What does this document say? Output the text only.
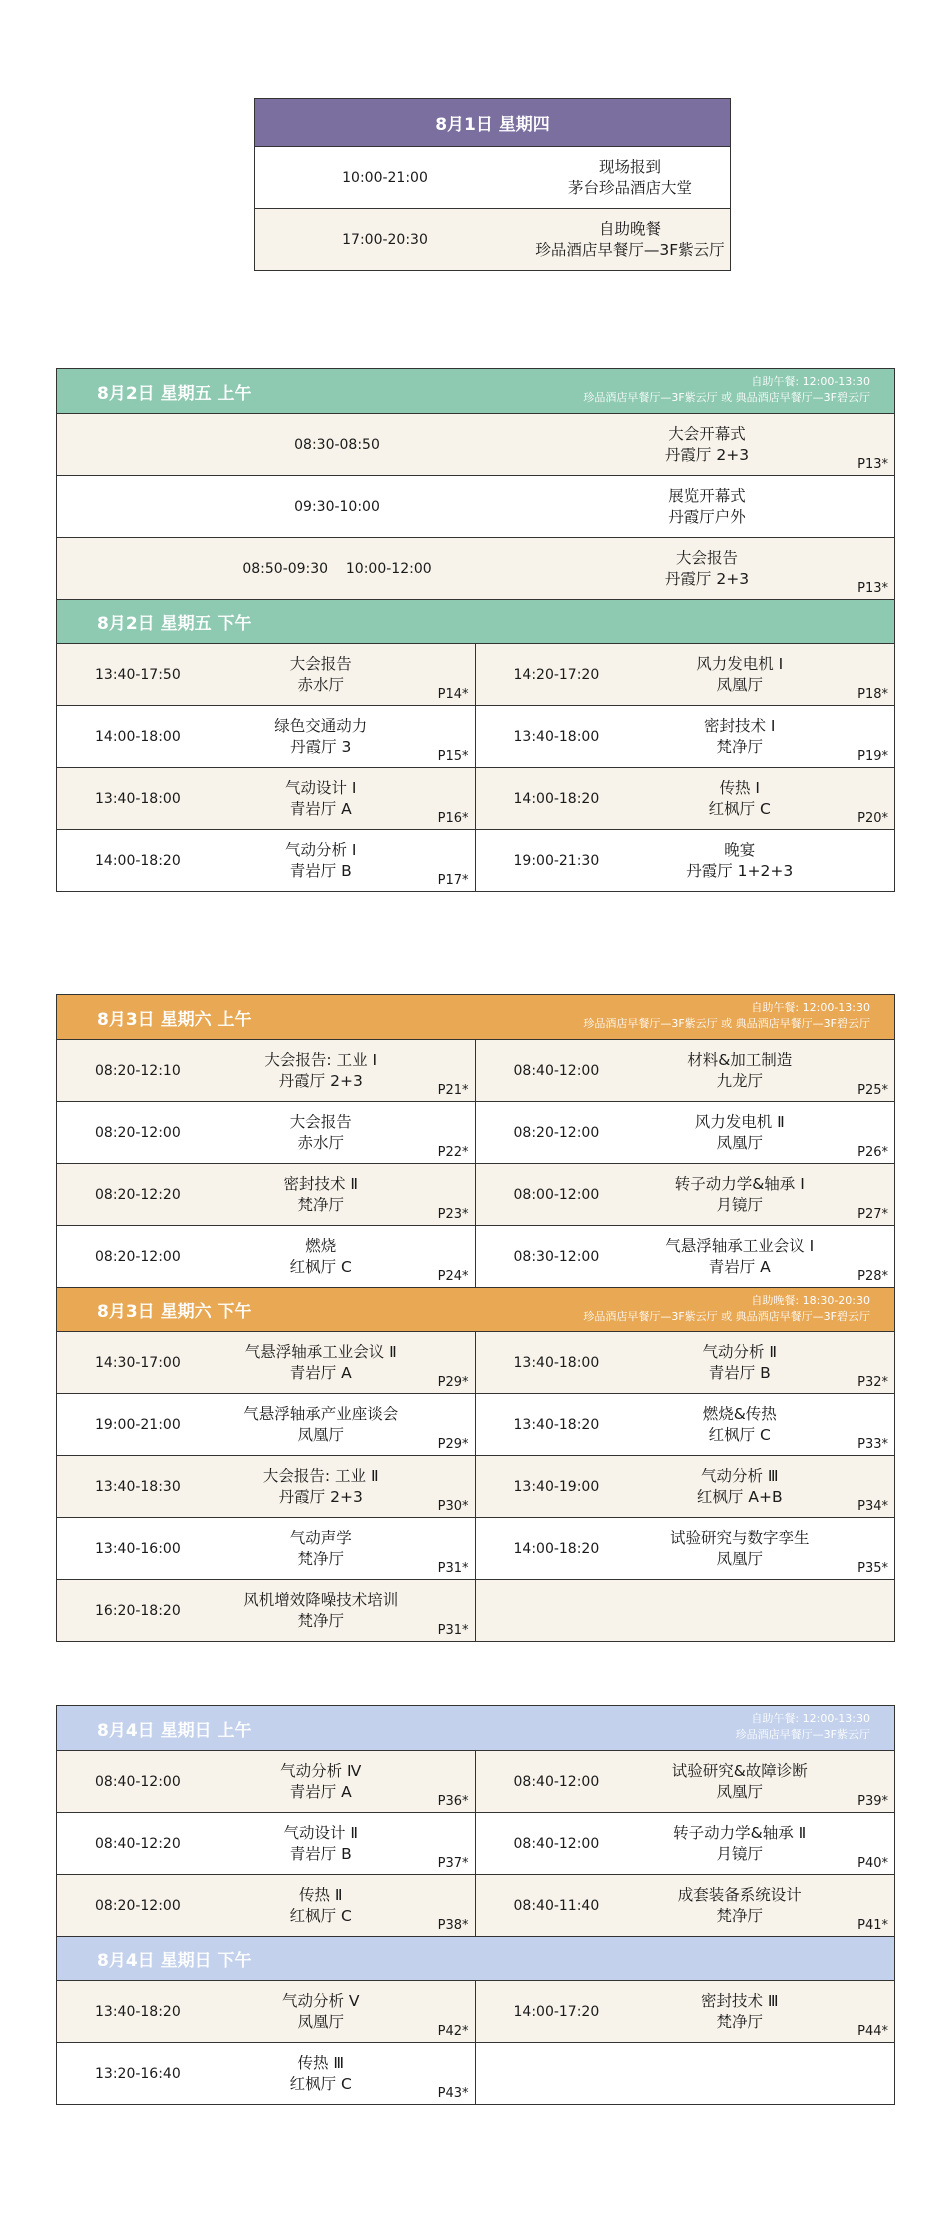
8月1日 星期四
10:00-21:00
现场报到
茅台珍品酒店大堂
17:00-20:30
自助晚餐
珍品酒店早餐厅—3F紫云厅
8月2日 星期五 上午
自助午餐: 12:00-13:30
珍品酒店早餐厅—3F紫云厅 或 典品酒店早餐厅—3F碧云厅
08:30-08:50
大会开幕式
丹霞厅 2+3
P13*
09:30-10:00
展览开幕式
丹霞厅户外
08:50-09:30    10:00-12:00
大会报告
丹霞厅 2+3
P13*
8月2日 星期五 下午
13:40-17:50
大会报告
赤水厅
P14*
14:20-17:20
风力发电机 Ⅰ
凤凰厅
P18*
14:00-18:00
绿色交通动力
丹霞厅 3
P15*
13:40-18:00
密封技术 Ⅰ
梵净厅
P19*
13:40-18:00
气动设计 Ⅰ
青岩厅 A
P16*
14:00-18:20
传热 Ⅰ
红枫厅 C
P20*
14:00-18:20
气动分析 Ⅰ
青岩厅 B
P17*
19:00-21:30
晚宴
丹霞厅 1+2+3
8月3日 星期六 上午
自助午餐: 12:00-13:30
珍品酒店早餐厅—3F紫云厅 或 典品酒店早餐厅—3F碧云厅
08:20-12:10
大会报告: 工业 Ⅰ
丹霞厅 2+3
P21*
08:40-12:00
材料&加工制造
九龙厅
P25*
08:20-12:00
大会报告
赤水厅
P22*
08:20-12:00
风力发电机 Ⅱ
凤凰厅
P26*
08:20-12:20
密封技术 Ⅱ
梵净厅
P23*
08:00-12:00
转子动力学&轴承 Ⅰ
月镜厅
P27*
08:20-12:00
燃烧
红枫厅 C
P24*
08:30-12:00
气悬浮轴承工业会议 Ⅰ
青岩厅 A
P28*
8月3日 星期六 下午
自助晚餐: 18:30-20:30
珍品酒店早餐厅—3F紫云厅 或 典品酒店早餐厅—3F碧云厅
14:30-17:00
气悬浮轴承工业会议 Ⅱ
青岩厅 A
P29*
13:40-18:00
气动分析 Ⅱ
青岩厅 B
P32*
19:00-21:00
气悬浮轴承产业座谈会
凤凰厅
P29*
13:40-18:20
燃烧&传热
红枫厅 C
P33*
13:40-18:30
大会报告: 工业 Ⅱ
丹霞厅 2+3
P30*
13:40-19:00
气动分析 Ⅲ
红枫厅 A+B
P34*
13:40-16:00
气动声学
梵净厅
P31*
14:00-18:20
试验研究与数字孪生
凤凰厅
P35*
16:20-18:20
风机增效降噪技术培训
梵净厅
P31*
8月4日 星期日 上午
自助午餐: 12:00-13:30
珍品酒店早餐厅—3F紫云厅
08:40-12:00
气动分析 Ⅳ
青岩厅 A
P36*
08:40-12:00
试验研究&故障诊断
凤凰厅
P39*
08:40-12:20
气动设计 Ⅱ
青岩厅 B
P37*
08:40-12:00
转子动力学&轴承 Ⅱ
月镜厅
P40*
08:20-12:00
传热 Ⅱ
红枫厅 C
P38*
08:40-11:40
成套装备系统设计
梵净厅
P41*
8月4日 星期日 下午
13:40-18:20
气动分析 Ⅴ
凤凰厅
P42*
14:00-17:20
密封技术 Ⅲ
梵净厅
P44*
13:20-16:40
传热 Ⅲ
红枫厅 C
P43*
